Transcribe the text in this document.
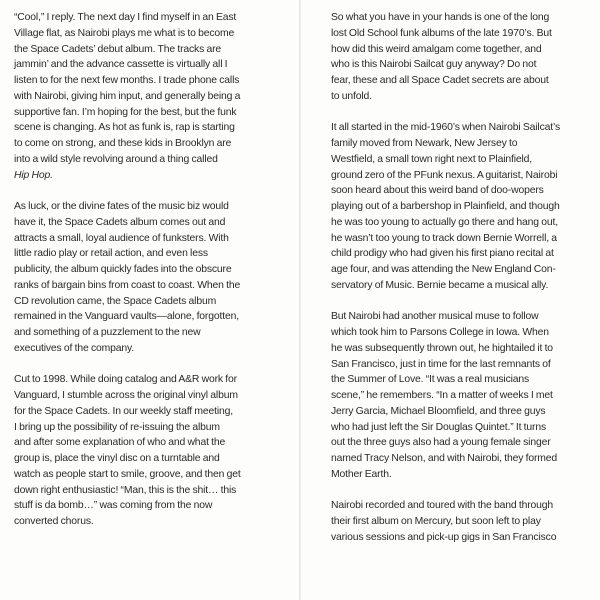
“Cool,” I reply. The next day I find myself in an East
Village flat, as Nairobi plays me what is to become
the Space Cadets’ debut album. The tracks are
jammin’ and the advance cassette is virtually all I
listen to for the next few months. I trade phone calls
with Nairobi, giving him input, and generally being a
supportive fan. I’m hoping for the best, but the funk
scene is changing. As hot as funk is, rap is starting
to come on strong, and these kids in Brooklyn are
into a wild style revolving around a thing called
Hip Hop.

As luck, or the divine fates of the music biz would
have it, the Space Cadets album comes out and
attracts a small, loyal audience of funksters. With
little radio play or retail action, and even less
publicity, the album quickly fades into the obscure
ranks of bargain bins from coast to coast. When the
CD revolution came, the Space Cadets album
remained in the Vanguard vaults—alone, forgotten,
and something of a puzzlement to the new
executives of the company.

Cut to 1998. While doing catalog and A&R work for
Vanguard, I stumble across the original vinyl album
for the Space Cadets. In our weekly staff meeting,
I bring up the possibility of re-issuing the album
and after some explanation of who and what the
group is, place the vinyl disc on a turntable and
watch as people start to smile, groove, and then get
down right enthusiastic! “Man, this is the shit… this
stuff is da bomb…” was coming from the now
converted chorus.

So what you have in your hands is one of the long
lost Old School funk albums of the late 1970’s. But
how did this weird amalgam come together, and
who is this Nairobi Sailcat guy anyway? Do not
fear, these and all Space Cadet secrets are about
to unfold.

It all started in the mid-1960’s when Nairobi Sailcat’s
family moved from Newark, New Jersey to
Westfield, a small town right next to Plainfield,
ground zero of the PFunk nexus. A guitarist, Nairobi
soon heard about this weird band of doo-wopers
playing out of a barbershop in Plainfield, and though
he was too young to actually go there and hang out,
he wasn’t too young to track down Bernie Worrell, a
child prodigy who had given his first piano recital at
age four, and was attending the New England Con-
servatory of Music. Bernie became a musical ally.

But Nairobi had another musical muse to follow
which took him to Parsons College in Iowa. When
he was subsequently thrown out, he hightailed it to
San Francisco, just in time for the last remnants of
the Summer of Love. “It was a real musicians
scene,” he remembers. “In a matter of weeks I met
Jerry Garcia, Michael Bloomfield, and three guys
who had just left the Sir Douglas Quintet.” It turns
out the three guys also had a young female singer
named Tracy Nelson, and with Nairobi, they formed
Mother Earth.

Nairobi recorded and toured with the band through
their first album on Mercury, but soon left to play
various sessions and pick-up gigs in San Francisco
